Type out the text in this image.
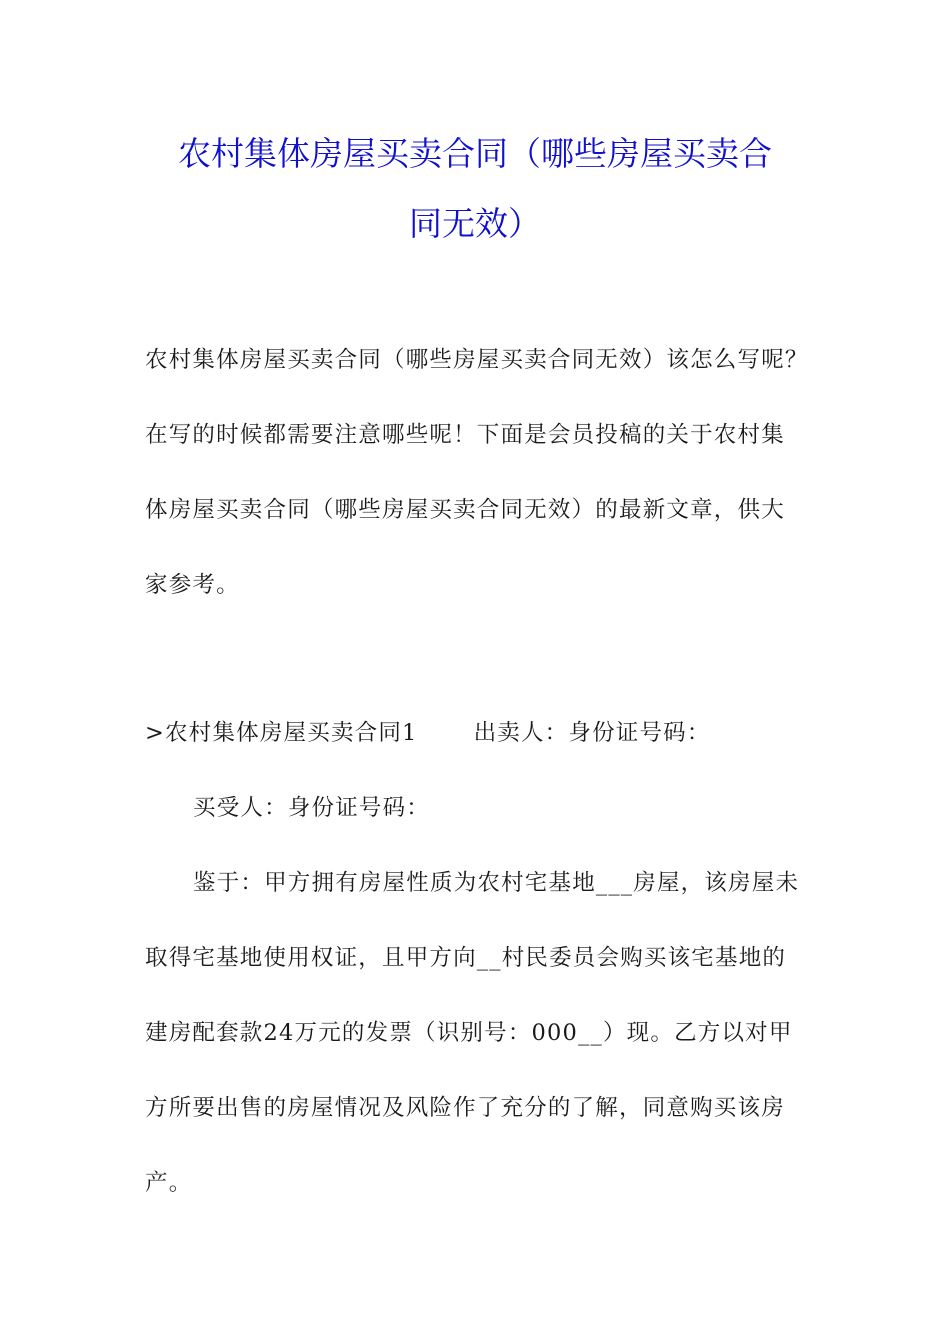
农村集体房屋买卖合同（哪些房屋买卖合
同无效）
农村集体房屋买卖合同（哪些房屋买卖合同无效）该怎么写呢？
在写的时候都需要注意哪些呢！下面是会员投稿的关于农村集
体房屋买卖合同（哪些房屋买卖合同无效）的最新文章，供大
家参考。
>农村集体房屋买卖合同1 出卖人：身份证号码：
买受人：身份证号码：
鉴于：甲方拥有房屋性质为农村宅基地___房屋，该房屋未
取得宅基地使用权证，且甲方向__村民委员会购买该宅基地的
建房配套款24万元的发票（识别号：000__）现。乙方以对甲
方所要出售的房屋情况及风险作了充分的了解，同意购买该房
产。
